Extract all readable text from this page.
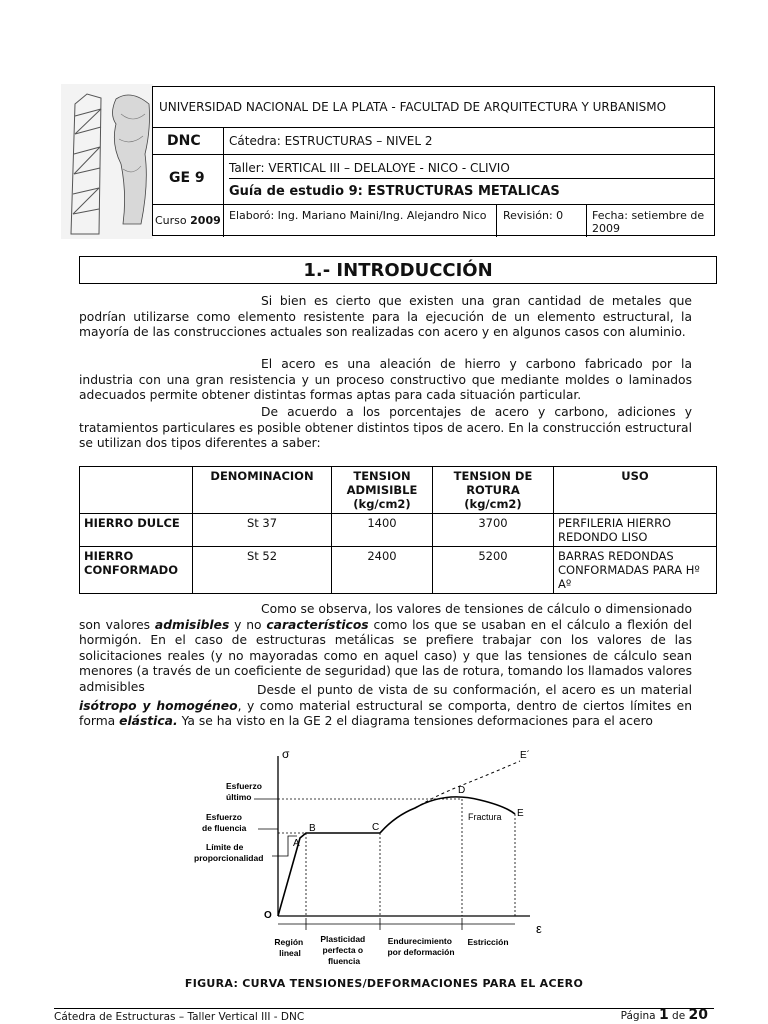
UNIVERSIDAD NACIONAL DE LA PLATA - FACULTAD DE ARQUITECTURA Y URBANISMO
DNC	Cátedra: ESTRUCTURAS – NIVEL 2
Taller: VERTICAL III – DELALOYE - NICO - CLIVIO
GE 9
Guía de estudio 9: ESTRUCTURAS METALICAS
Curso 2009 Elaboró: Ing. Mariano Maini/Ing. Alejandro Nico	Revisión: 0	Fecha: setiembre de 2009
1.- INTRODUCCIÓN
Si bien es cierto que existen una gran cantidad de metales que podrían utilizarse como elemento resistente para la ejecución de un elemento estructural, la mayoría de las construcciones actuales son realizadas con acero y en algunos casos con aluminio.
El acero es una aleación de hierro y carbono fabricado por la industria con una gran resistencia y un proceso constructivo que mediante moldes o laminados adecuados permite obtener distintas formas aptas para cada situación particular.
De acuerdo a los porcentajes de acero y carbono, adiciones y tratamientos particulares es posible obtener distintos tipos de acero. En la construcción estructural se utilizan dos tipos diferentes a saber:
	DENOMINACION	TENSION ADMISIBLE (kg/cm2)	TENSION DE ROTURA (kg/cm2)	USO
HIERRO DULCE	St 37	1400	3700	PERFILERIA HIERRO REDONDO LISO
HIERRO CONFORMADO	St 52	2400	5200	BARRAS REDONDAS CONFORMADAS PARA Hº Aº
Como se observa, los valores de tensiones de cálculo o dimensionado son valores admisibles y no característicos como los que se usaban en el cálculo a flexión del hormigón. En el caso de estructuras metálicas se prefiere trabajar con los valores de las solicitaciones reales (y no mayoradas como en aquel caso) y que las tensiones de cálculo sean menores (a través de un coeficiente de seguridad) que las de rotura, tomando los llamados valores admisibles	Desde el punto de vista de su conformación, el acero es un material isótropo y homogéneo, y como material estructural se comporta, dentro de ciertos límites en forma elástica. Ya se ha visto en la GE 2 el diagrama tensiones deformaciones para el acero
σ
ε
O
A
B	C
D
E
E´
Fractura
Esfuerzo último
Esfuerzo de fluencia
Límite de proporcionalidad
Región lineal
Plasticidad perfecta o fluencia
Endurecimiento por deformación
Estricción
FIGURA: CURVA TENSIONES/DEFORMACIONES PARA EL ACERO
Cátedra de Estructuras – Taller Vertical III - DNC	Página 1 de 20
